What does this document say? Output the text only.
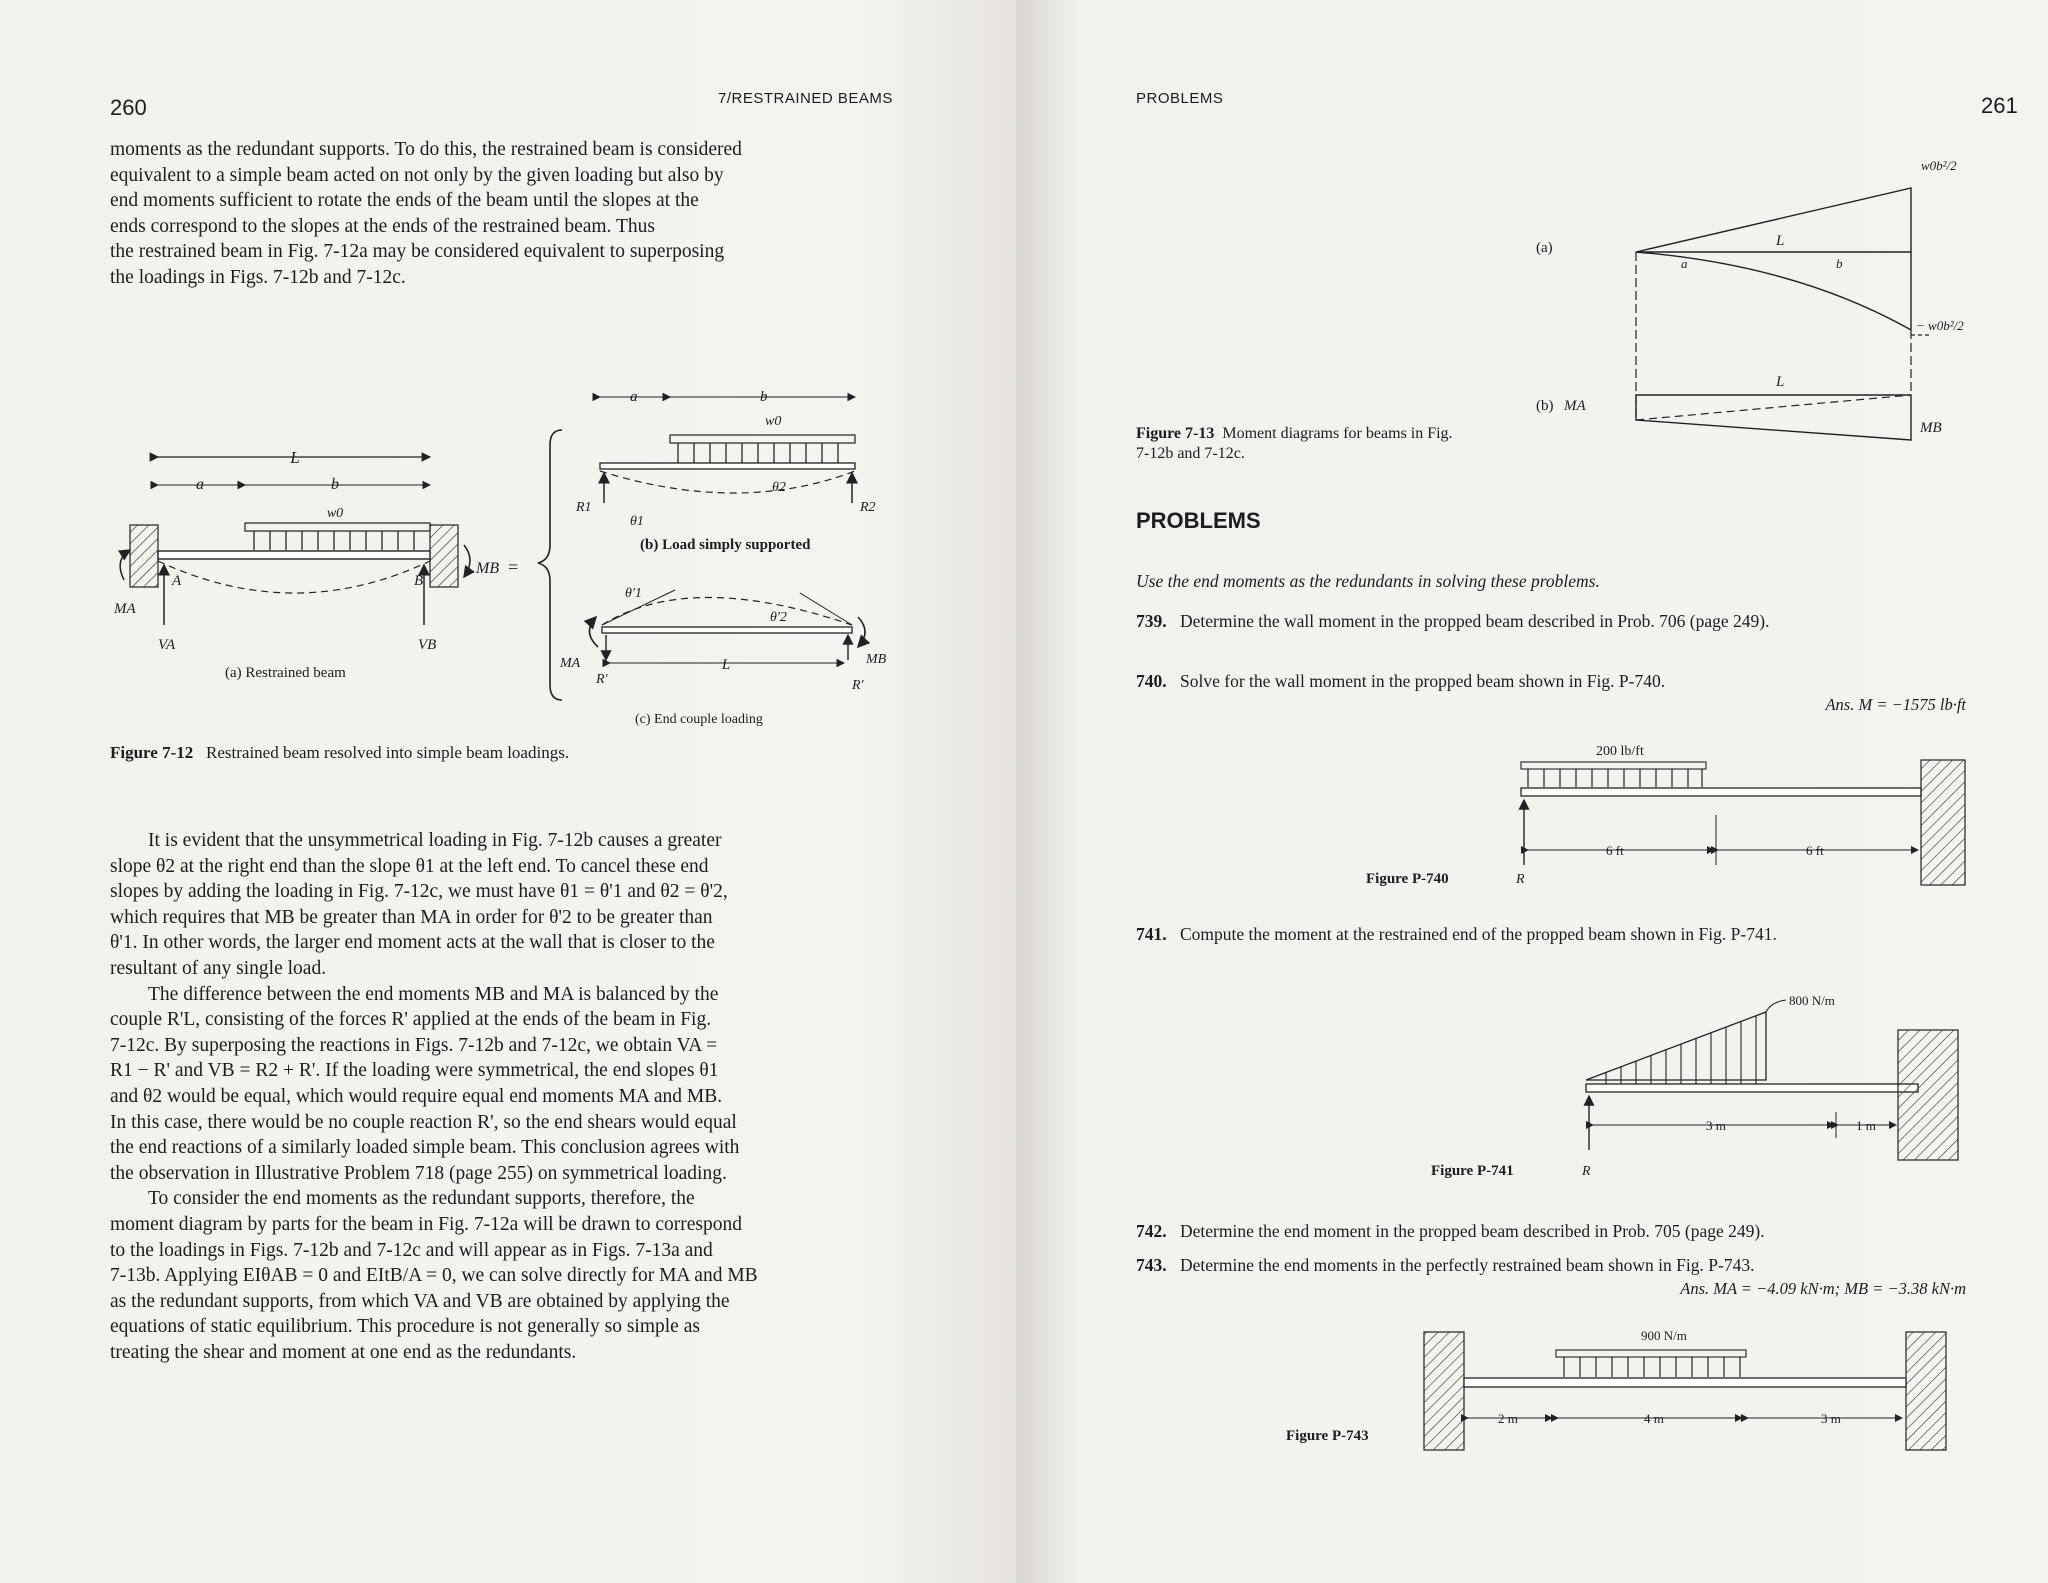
260	7/RESTRAINED BEAMS

moments as the redundant supports. To do this, the restrained beam is considered

equivalent to a simple beam acted on not only by the given loading but also by

end moments sufficient to rotate the ends of the beam until the slopes at the

ends correspond to the slopes at the ends of the restrained beam. Thus

the restrained beam in Fig. 7-12a may be considered equivalent to superposing

the loadings in Figs. 7-12b and 7-12c.

L
a	b
w0
A	B
MA
MB =
VA	VB
(a) Restrained beam
a	b
w0
R1	R2
θ1
θ2
(b) Load simply supported
θ'1
θ'2
MA	MB
L
R'	R'
(c) End couple loading
Figure 7-12 Restrained beam resolved into simple beam loadings.

It is evident that the unsymmetrical loading in Fig. 7-12b causes a greater

slope θ2 at the right end than the slope θ1 at the left end. To cancel these end

slopes by adding the loading in Fig. 7-12c, we must have θ1 = θ'1 and θ2 = θ'2,

which requires that MB be greater than MA in order for θ'2 to be greater than

θ'1. In other words, the larger end moment acts at the wall that is closer to the

resultant of any single load.

The difference between the end moments MB and MA is balanced by the

couple R'L, consisting of the forces R' applied at the ends of the beam in Fig.

7-12c. By superposing the reactions in Figs. 7-12b and 7-12c, we obtain VA =

R1 − R' and VB = R2 + R'. If the loading were symmetrical, the end slopes θ1

and θ2 would be equal, which would require equal end moments MA and MB.

In this case, there would be no couple reaction R', so the end shears would equal

the end reactions of a similarly loaded simple beam. This conclusion agrees with

the observation in Illustrative Problem 718 (page 255) on symmetrical loading.

To consider the end moments as the redundant supports, therefore, the

moment diagram by parts for the beam in Fig. 7-12a will be drawn to correspond

to the loadings in Figs. 7-12b and 7-12c and will appear as in Figs. 7-13a and

7-13b. Applying EIθAB = 0 and EItB/A = 0, we can solve directly for MA and MB

as the redundant supports, from which VA and VB are obtained by applying the

equations of static equilibrium. This procedure is not generally so simple as

treating the shear and moment at one end as the redundants.

PROBLEMS	261
w0b²/2
(a)	L
a	b
− w0b²/2
(b) MA
L
MB
Figure 7-13 Moment diagrams for beams in Fig. 7-12b and 7-12c.
PROBLEMS
Use the end moments as the redundants in solving these problems.
739. Determine the wall moment in the propped beam described in Prob. 706 (page 249).
740. Solve for the wall moment in the propped beam shown in Fig. P-740.
Ans. M = −1575 lb·ft
200 lb/ft
6 ft	6 ft
R
Figure P-740
741. Compute the moment at the restrained end of the propped beam shown in Fig. P-741.
800 N/m
3 m	1 m
R
Figure P-741
742. Determine the end moment in the propped beam described in Prob. 705 (page 249).
743. Determine the end moments in the perfectly restrained beam shown in Fig. P-743.
Ans. MA = −4.09 kN·m; MB = −3.38 kN·m
900 N/m
2 m	4 m	3 m
Figure P-743
